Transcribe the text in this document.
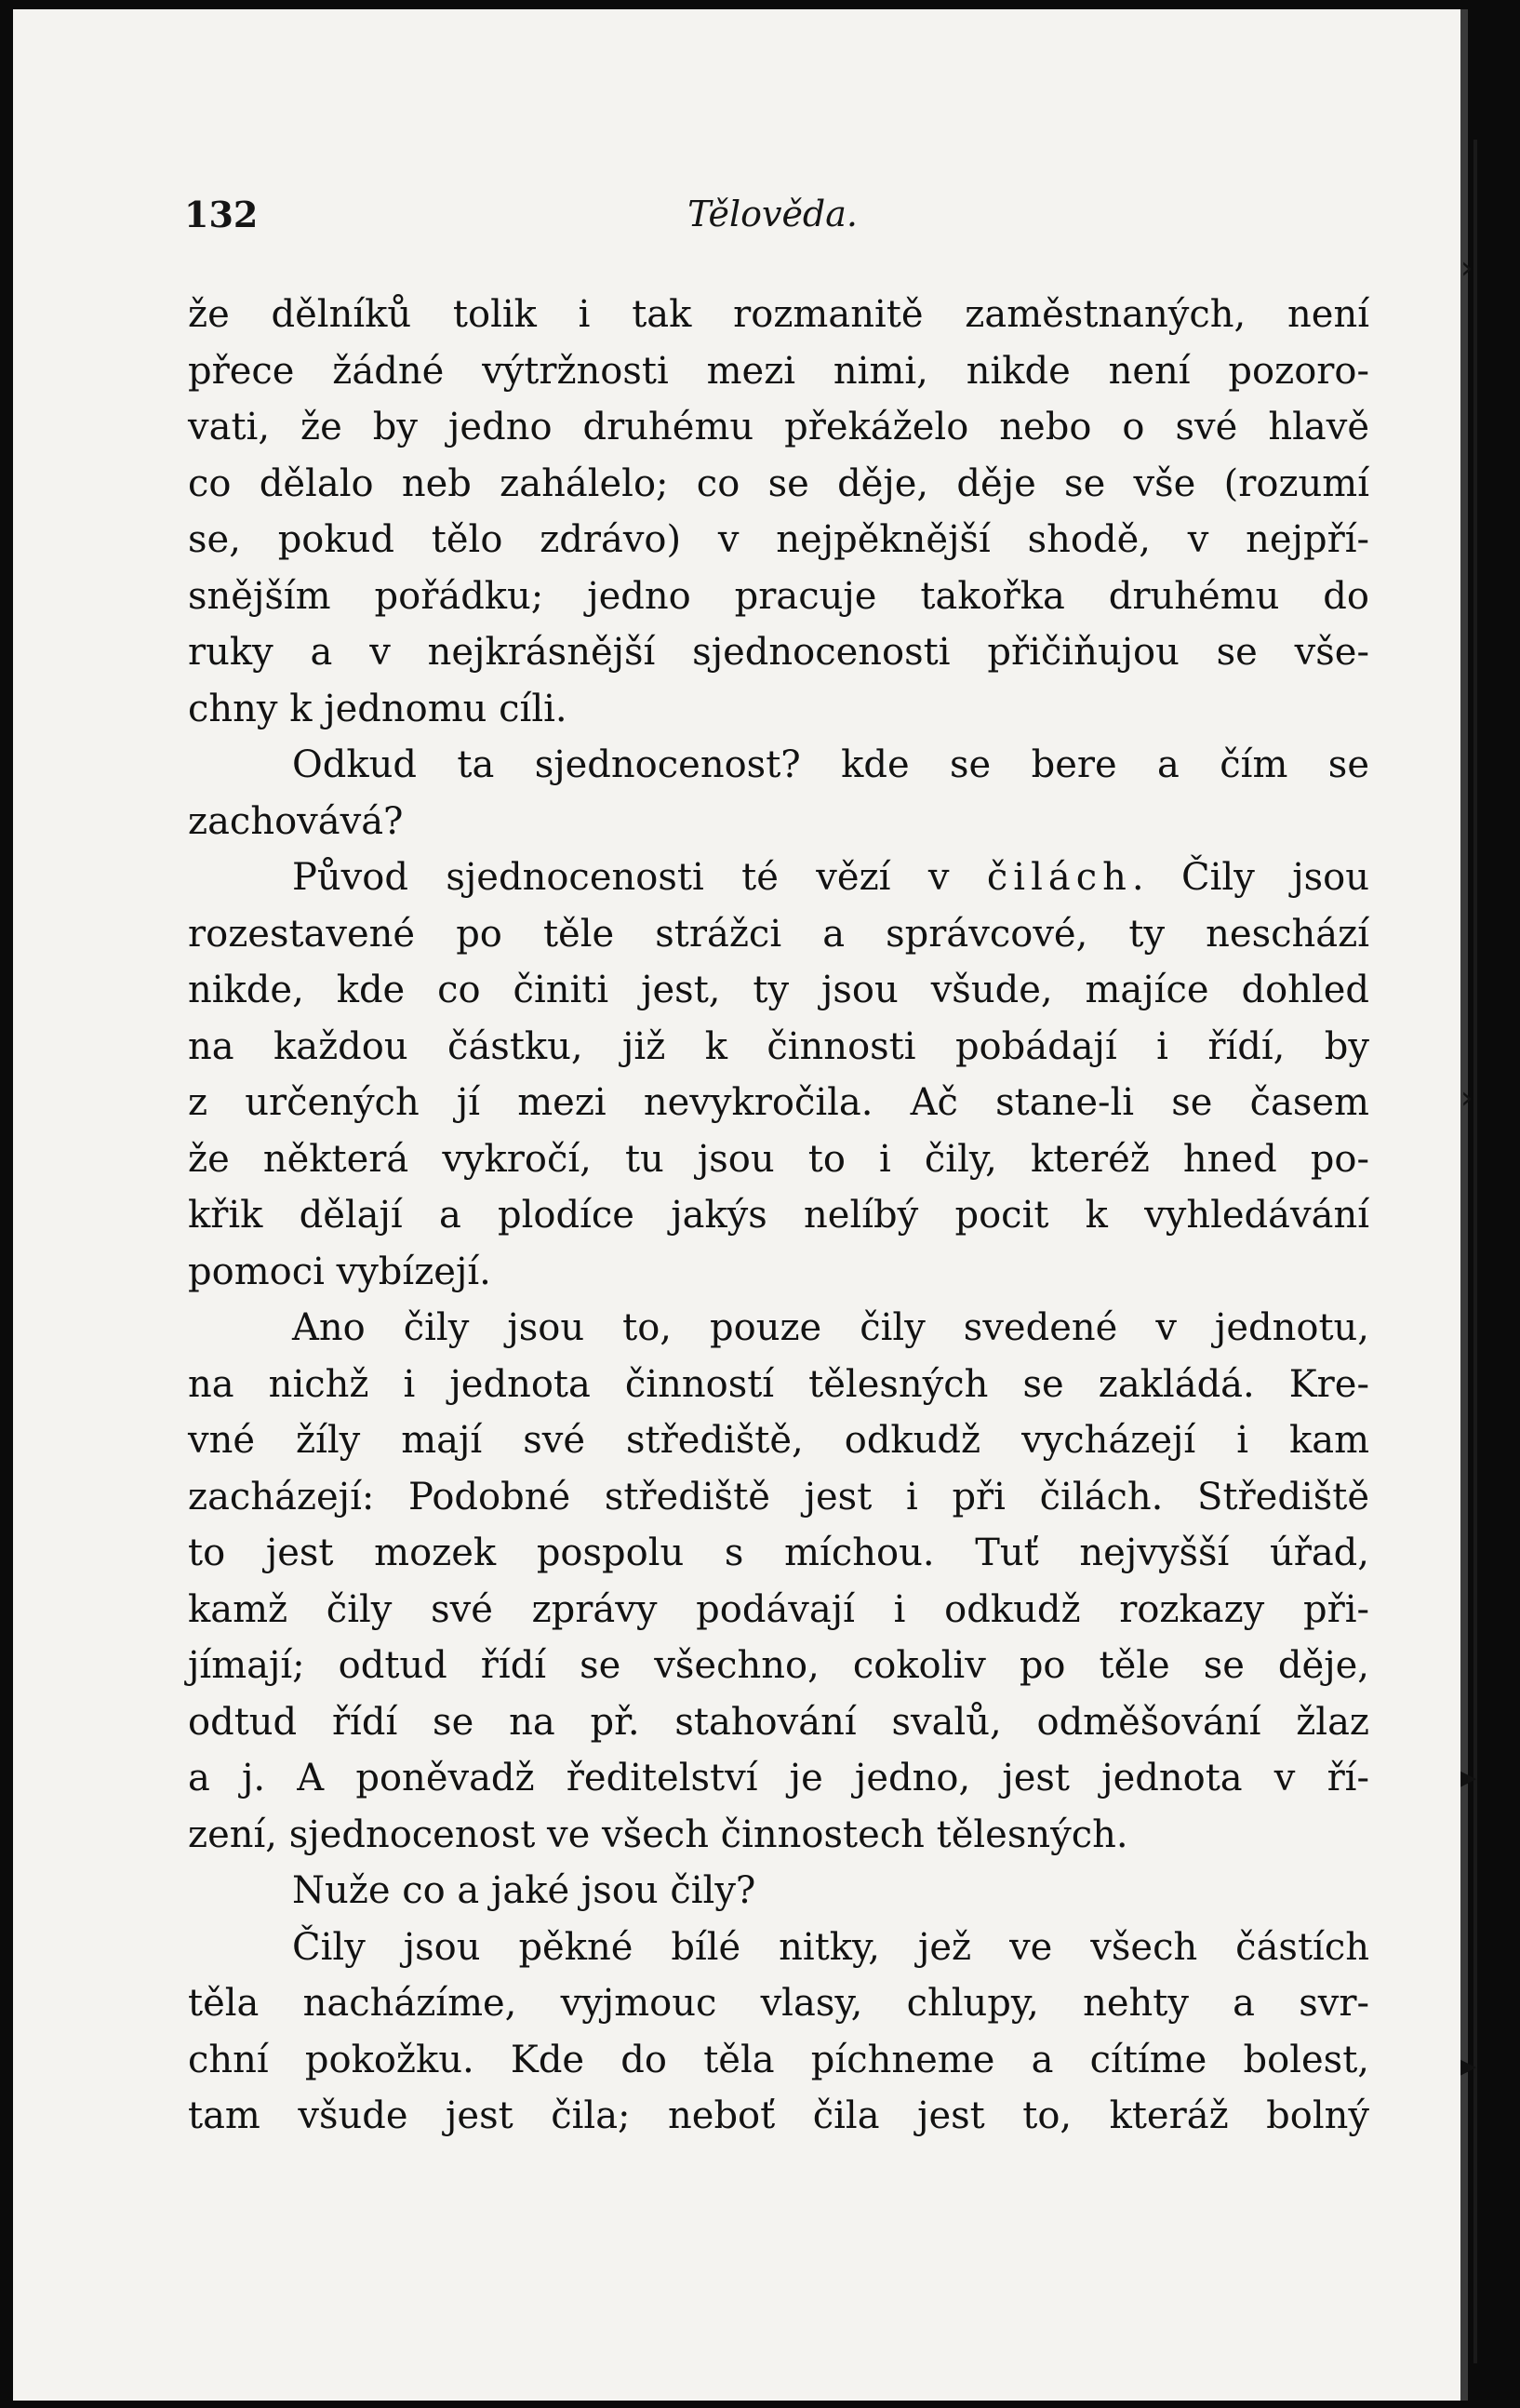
›
›
▸
▸
132	Tělověda.
že dělníků tolik i tak rozmanitě zaměstnaných, není
přece žádné výtržnosti mezi nimi, nikde není pozoro-
vati, že by jedno druhému překáželo nebo o své hlavě
co dělalo neb zahálelo; co se děje, děje se vše (rozumí
se, pokud tělo zdrávo) v nejpěknější shodě, v nejpří-
snějším pořádku; jedno pracuje takořka druhému do
ruky a v nejkrásnější sjednocenosti přičiňujou se vše-
chny k jednomu cíli.
Odkud ta sjednocenost? kde se bere a čím se
zachovává?
Původ sjednocenosti té vězí v čilách. Čily jsou
rozestavené po těle strážci a správcové, ty neschází
nikde, kde co činiti jest, ty jsou všude, majíce dohled
na každou částku, již k činnosti pobádají i řídí, by
z určených jí mezi nevykročila. Ač stane-li se časem
že některá vykročí, tu jsou to i čily, kteréž hned po-
křik dělají a plodíce jakýs nelíbý pocit k vyhledávání
pomoci vybízejí.
Ano čily jsou to, pouze čily svedené v jednotu,
na nichž i jednota činností tělesných se zakládá. Kre-
vné žíly mají své střediště, odkudž vycházejí i kam
zacházejí: Podobné střediště jest i při čilách. Střediště
to jest mozek pospolu s míchou. Tuť nejvyšší úřad,
kamž čily své zprávy podávají i odkudž rozkazy při-
jímají; odtud řídí se všechno, cokoliv po těle se děje,
odtud řídí se na př. stahování svalů, odměšování žlaz
a j. A poněvadž ředitelství je jedno, jest jednota v ří-
zení, sjednocenost ve všech činnostech tělesných.
Nuže co a jaké jsou čily?
Čily jsou pěkné bílé nitky, jež ve všech částích
těla nacházíme, vyjmouc vlasy, chlupy, nehty a svr-
chní pokožku. Kde do těla píchneme a cítíme bolest,
tam všude jest čila; neboť čila jest to, kteráž bolný
